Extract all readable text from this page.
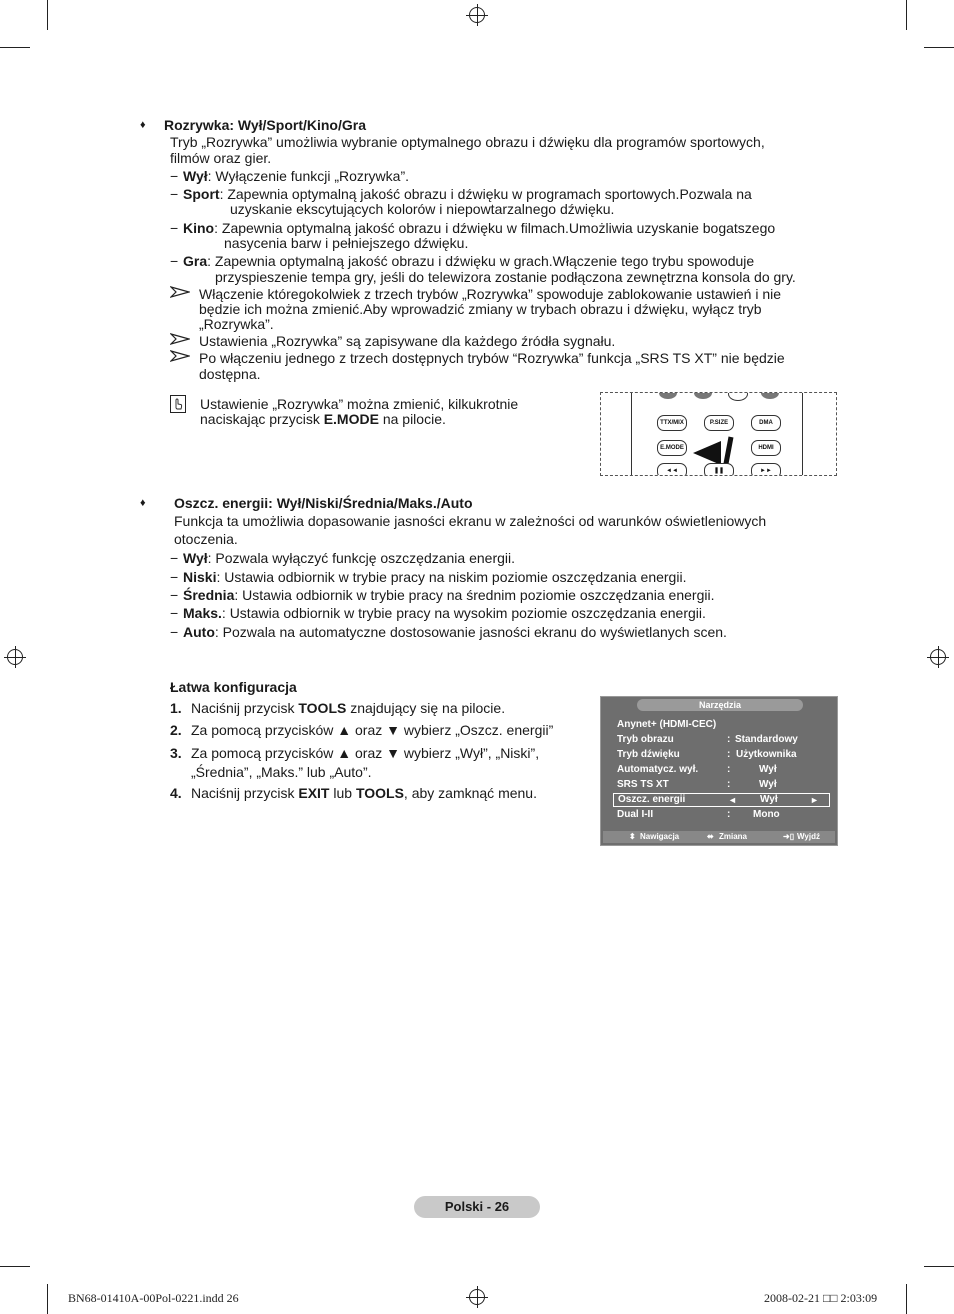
♦ Rozrywka: Wył/Sport/Kino/Gra
Tryb „Rozrywka” umożliwia wybranie optymalnego obrazu i dźwięku dla programów sportowych,
filmów oraz gier.
− Wył: Wyłączenie funkcji „Rozrywka”.
− Sport: Zapewnia optymalną jakość obrazu i dźwięku w programach sportowych.Pozwala na
uzyskanie ekscytujących kolorów i niepowtarzalnego dźwięku.
− Kino: Zapewnia optymalną jakość obrazu i dźwięku w filmach.Umożliwia uzyskanie bogatszego
nasycenia barw i pełniejszego dźwięku.
− Gra: Zapewnia optymalną jakość obrazu i dźwięku w grach.Włączenie tego trybu spowoduje
przyspieszenie tempa gry, jeśli do telewizora zostanie podłączona zewnętrzna konsola do gry.
Włączenie któregokolwiek z trzech trybów „Rozrywka” spowoduje zablokowanie ustawień i nie
będzie ich można zmienić.Aby wprowadzić zmiany w trybach obrazu i dźwięku, wyłącz tryb
„Rozrywka”.
Ustawienia „Rozrywka” są zapisywane dla każdego źródła sygnału.
Po włączeniu jednego z trzech dostępnych trybów “Rozrywka” funkcja „SRS TS XT” nie będzie
dostępna.
Ustawienie „Rozrywka” można zmienić, kilkukrotnie
naciskając przycisk E.MODE na pilocie.	TTX/MIX	P.SIZE	DMA
E.MODE	HDMI
◄◄	❚❚	►►
♦ Oszcz. energii: Wył/Niski/Średnia/Maks./Auto
Funkcja ta umożliwia dopasowanie jasności ekranu w zależności od warunków oświetleniowych
otoczenia.
− Wył: Pozwala wyłączyć funkcję oszczędzania energii.
− Niski: Ustawia odbiornik w trybie pracy na niskim poziomie oszczędzania energii.
− Średnia: Ustawia odbiornik w trybie pracy na średnim poziomie oszczędzania energii.
− Maks.: Ustawia odbiornik w trybie pracy na wysokim poziomie oszczędzania energii.
− Auto: Pozwala na automatyczne dostosowanie jasności ekranu do wyświetlanych scen.
Łatwa konfiguracja
1. Naciśnij przycisk TOOLS znajdujący się na pilocie.
2. Za pomocą przycisków ▲ oraz ▼ wybierz „Oszcz. energii”
3. Za pomocą przycisków ▲ oraz ▼ wybierz „Wył”, „Niski”,
„Średnia”, „Maks.” lub „Auto”.
4. Naciśnij przycisk EXIT lub TOOLS, aby zamknąć menu.
Narzędzia
Anynet+ (HDMI-CEC)
Tryb obrazu	: Standardowy
Tryb dźwięku	: Użytkownika
Automatycz. wył.	:	Wył
SRS TS XT	:	Wył
Oszcz. energii	◄ Wył	►
Dual I-II	: Mono
⬍ Nawigacja	⬌ Zmiana	➜▯ Wyjdź
Polski - 26
BN68-01410A-00Pol-0221.indd 26	2008-02-21 □□ 2:03:09
